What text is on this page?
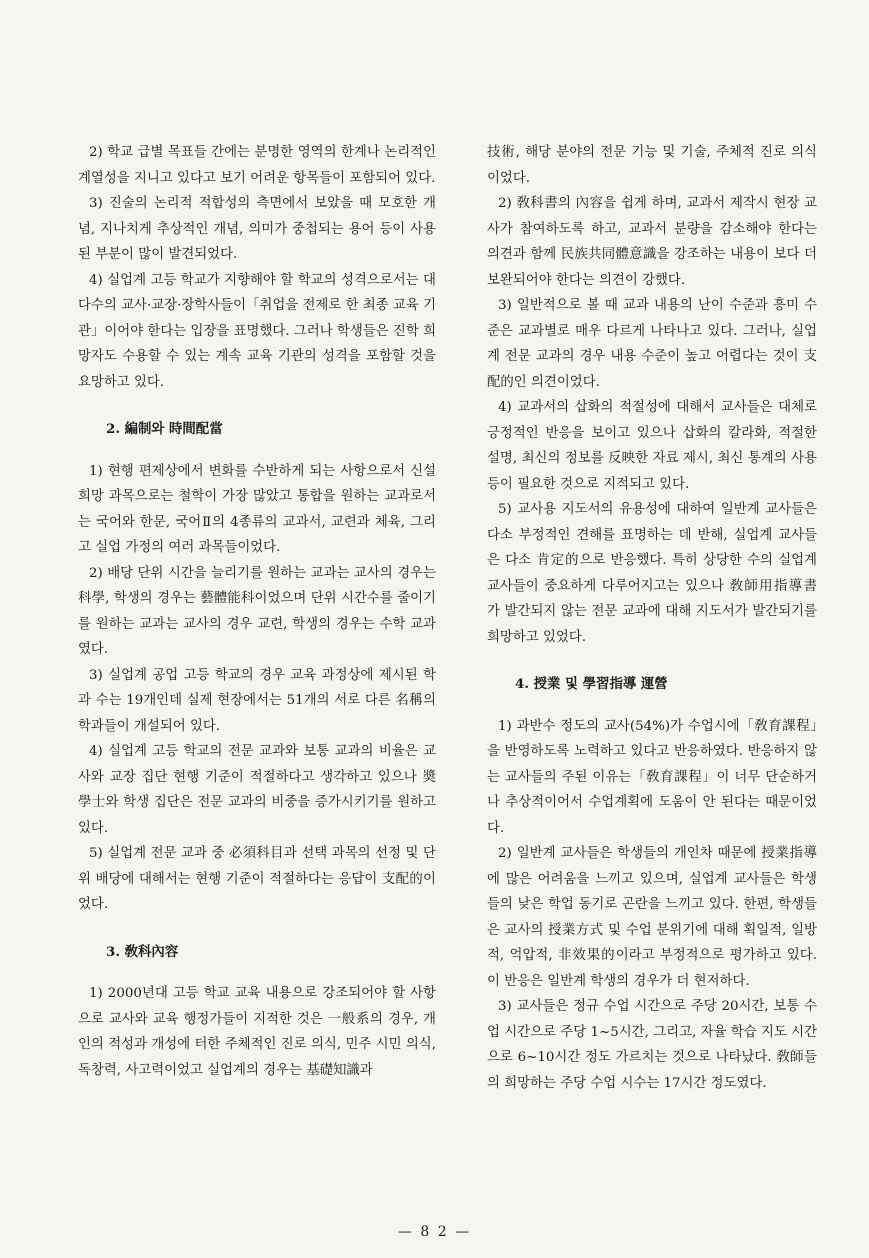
2) 학교 급별 목표들 간에는 분명한 영역의 한계나 논리적인 계열성을 지니고 있다고 보기 어려운 항목들이 포함되어 있다.

3) 진술의 논리적 적합성의 측면에서 보았을 때 모호한 개념, 지나치게 추상적인 개념, 의미가 중첩되는 용어 등이 사용된 부분이 많이 발견되었다.

4) 실업계 고등 학교가 지향해야 할 학교의 성격으로서는 대다수의 교사·교장·장학사들이「취업을 전제로 한 최종 교육 기관」이어야 한다는 입장을 표명했다. 그러나 학생들은 진학 희망자도 수용할 수 있는 계속 교육 기관의 성격을 포함할 것을 요망하고 있다.

2. 編制와 時間配當

1) 현행 편제상에서 변화를 수반하게 되는 사항으로서 신설 희망 과목으로는 철학이 가장 많았고 통합을 원하는 교과로서는 국어와 한문, 국어Ⅱ의 4종류의 교과서, 교련과 체육, 그리고 실업 가정의 여러 과목들이었다.

2) 배당 단위 시간을 늘리기를 원하는 교과는 교사의 경우는 科學, 학생의 경우는 藝體能科이었으며 단위 시간수를 줄이기를 원하는 교과는 교사의 경우 교련, 학생의 경우는 수학 교과였다.

3) 실업계 공업 고등 학교의 경우 교육 과정상에 제시된 학과 수는 19개인데 실제 현장에서는 51개의 서로 다른 名稱의 학과들이 개설되어 있다.

4) 실업계 고등 학교의 전문 교과와 보통 교과의 비율은 교사와 교장 집단 현행 기준이 적절하다고 생각하고 있으나 奬學士와 학생 집단은 전문 교과의 비중을 증가시키기를 원하고 있다.

5) 실업계 전문 교과 중 必須科目과 선택 과목의 선정 및 단위 배당에 대해서는 현행 기준이 적절하다는 응답이 支配的이었다.

3. 敎科內容

1) 2000년대 고등 학교 교육 내용으로 강조되어야 할 사항으로 교사와 교육 행정가들이 지적한 것은 一般系의 경우, 개인의 적성과 개성에 터한 주체적인 진로 의식, 민주 시민 의식, 독창력, 사고력이었고 실업계의 경우는 基礎知識과

技術, 해당 분야의 전문 기능 및 기술, 주체적 진로 의식이었다.

2) 敎科書의 內容을 쉽게 하며, 교과서 제작시 현장 교사가 참여하도록 하고, 교과서 분량을 감소해야 한다는 의견과 함께 民族共同體意識을 강조하는 내용이 보다 더 보완되어야 한다는 의견이 강했다.

3) 일반적으로 볼 때 교과 내용의 난이 수준과 흥미 수준은 교과별로 매우 다르게 나타나고 있다. 그러나, 실업계 전문 교과의 경우 내용 수준이 높고 어렵다는 것이 支配的인 의견이었다.

4) 교과서의 삽화의 적절성에 대해서 교사들은 대체로 긍정적인 반응을 보이고 있으나 삽화의 칼라화, 적절한 설명, 최신의 정보를 反映한 자료 제시, 최신 통계의 사용 등이 필요한 것으로 지적되고 있다.

5) 교사용 지도서의 유용성에 대하여 일반계 교사들은 다소 부정적인 견해를 표명하는 데 반해, 실업계 교사들은 다소 肯定的으로 반응했다. 특히 상당한 수의 실업계 교사들이 중요하게 다루어지고는 있으나 敎師用指導書가 발간되지 않는 전문 교과에 대해 지도서가 발간되기를 희망하고 있었다.

4. 授業 및 學習指導 運營

1) 과반수 정도의 교사(54%)가 수업시에「敎育課程」을 반영하도록 노력하고 있다고 반응하였다. 반응하지 않는 교사들의 주된 이유는「敎育課程」이 너무 단순하거나 추상적이어서 수업계획에 도움이 안 된다는 때문이었다.

2) 일반계 교사들은 학생들의 개인차 때문에 授業指導에 많은 어려움을 느끼고 있으며, 실업계 교사들은 학생들의 낮은 학업 동기로 곤란을 느끼고 있다. 한편, 학생들은 교사의 授業方式 및 수업 분위기에 대해 획일적, 일방적, 억압적, 非效果的이라고 부정적으로 평가하고 있다. 이 반응은 일반계 학생의 경우가 더 현저하다.

3) 교사들은 정규 수업 시간으로 주당 20시간, 보통 수업 시간으로 주당 1~5시간, 그리고, 자율 학습 지도 시간으로 6~10시간 정도 가르치는 것으로 나타났다. 敎師들의 희망하는 주당 수업 시수는 17시간 정도였다.

— 8 2 —
